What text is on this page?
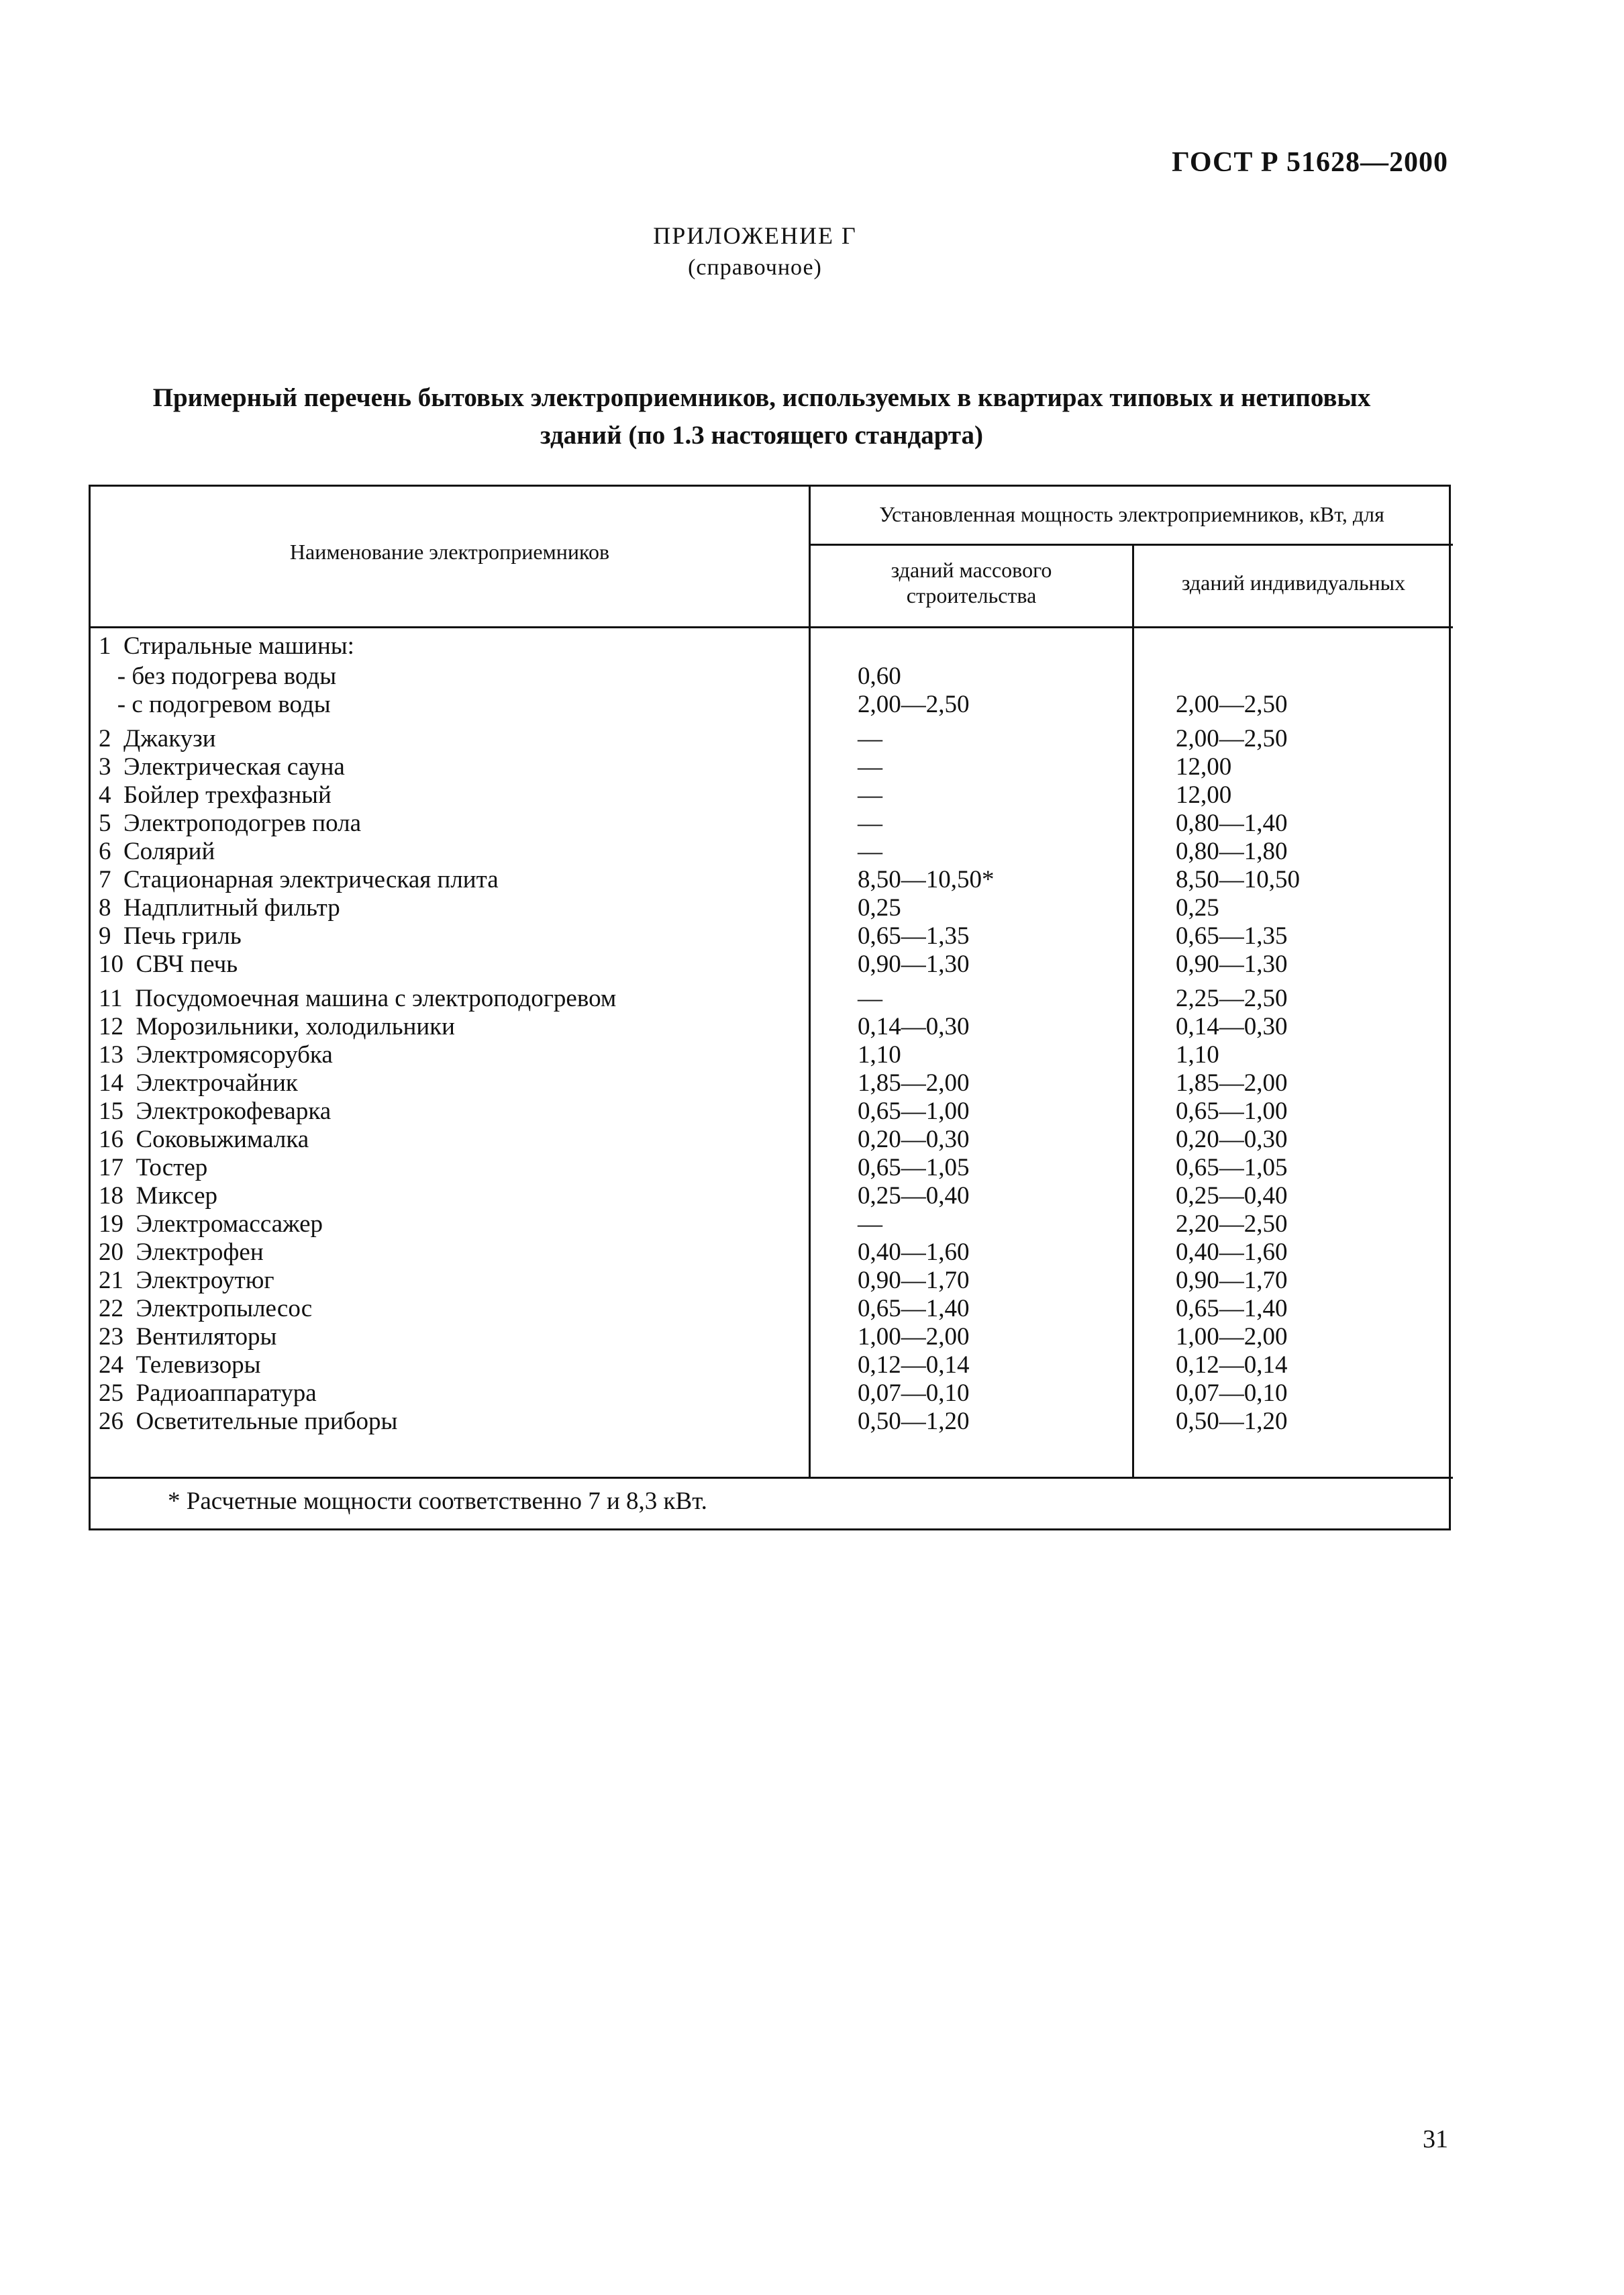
ГОСТ Р 51628—2000
ПРИЛОЖЕНИЕ Г
(справочное)
Примерный перечень бытовых электроприемников, используемых в квартирах типовых и нетиповых
зданий (по 1.3 настоящего стандарта)
Наименование электроприемников
Установленная мощность электроприемников, кВт, для
зданий массового
строительства
зданий индивидуальных
1  Стиральные машины:
- без подогрева воды	0,60
- с подогревом воды	2,00—2,50	2,00—2,50
2  Джакузи	—	2,00—2,50
3  Электрическая сауна	—	12,00
4  Бойлер трехфазный	—	12,00
5  Электроподогрев пола	—	0,80—1,40
6  Солярий	—	0,80—1,80
7  Стационарная электрическая плита	8,50—10,50*	8,50—10,50
8  Надплитный фильтр	0,25	0,25
9  Печь гриль	0,65—1,35	0,65—1,35
10  СВЧ печь	0,90—1,30	0,90—1,30
11  Посудомоечная машина с электроподогревом	—	2,25—2,50
12  Морозильники, холодильники	0,14—0,30	0,14—0,30
13  Электромясорубка	1,10	1,10
14  Электрочайник	1,85—2,00	1,85—2,00
15  Электрокофеварка	0,65—1,00	0,65—1,00
16  Соковыжималка	0,20—0,30	0,20—0,30
17  Тостер	0,65—1,05	0,65—1,05
18  Миксер	0,25—0,40	0,25—0,40
19  Электромассажер	—	2,20—2,50
20  Электрофен	0,40—1,60	0,40—1,60
21  Электроутюг	0,90—1,70	0,90—1,70
22  Электропылесос	0,65—1,40	0,65—1,40
23  Вентиляторы	1,00—2,00	1,00—2,00
24  Телевизоры	0,12—0,14	0,12—0,14
25  Радиоаппаратура	0,07—0,10	0,07—0,10
26  Осветительные приборы	0,50—1,20	0,50—1,20
* Расчетные мощности соответственно 7 и 8,3 кВт.
31
